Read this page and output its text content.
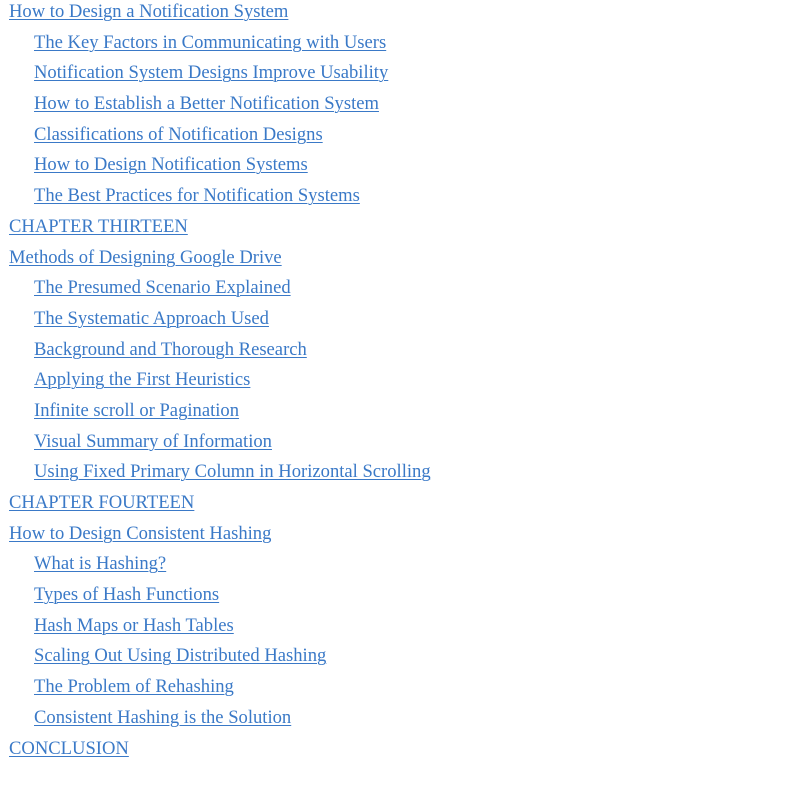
How to Design a Notification System
The Key Factors in Communicating with Users
Notification System Designs Improve Usability
How to Establish a Better Notification System
Classifications of Notification Designs
How to Design Notification Systems
The Best Practices for Notification Systems
CHAPTER THIRTEEN
Methods of Designing Google Drive
The Presumed Scenario Explained
The Systematic Approach Used
Background and Thorough Research
Applying the First Heuristics
Infinite scroll or Pagination
Visual Summary of Information
Using Fixed Primary Column in Horizontal Scrolling
CHAPTER FOURTEEN
How to Design Consistent Hashing
What is Hashing?
Types of Hash Functions
Hash Maps or Hash Tables
Scaling Out Using Distributed Hashing
The Problem of Rehashing
Consistent Hashing is the Solution
CONCLUSION
